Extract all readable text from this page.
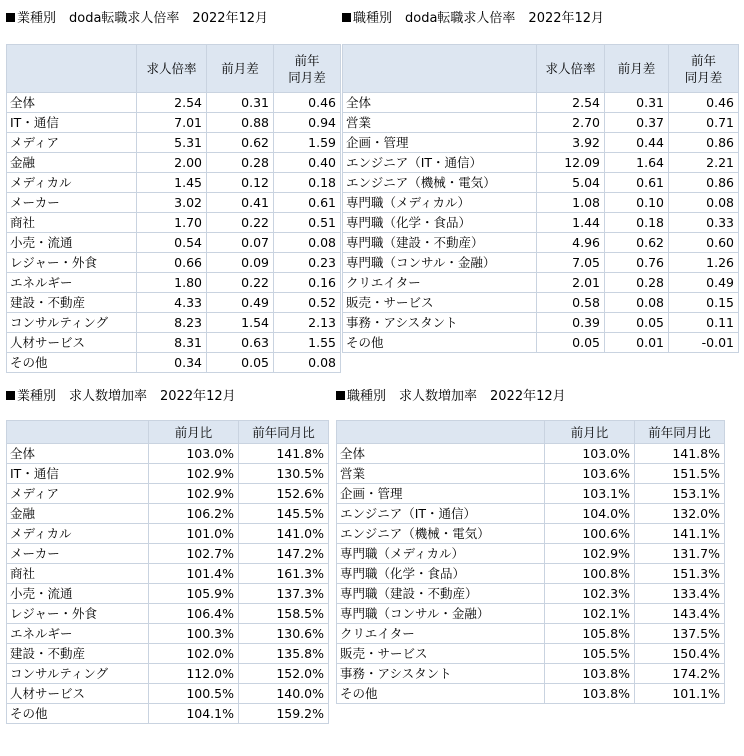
業種別　doda転職求人倍率　2022年12月
	求人倍率	前月差	前年
同月差
全体	2.54	0.31	0.46
IT・通信	7.01	0.88	0.94
メディア	5.31	0.62	1.59
金融	2.00	0.28	0.40
メディカル	1.45	0.12	0.18
メーカー	3.02	0.41	0.61
商社	1.70	0.22	0.51
小売・流通	0.54	0.07	0.08
レジャー・外食	0.66	0.09	0.23
エネルギー	1.80	0.22	0.16
建設・不動産	4.33	0.49	0.52
コンサルティング	8.23	1.54	2.13
人材サービス	8.31	0.63	1.55
その他	0.34	0.05	0.08
職種別　doda転職求人倍率　2022年12月
	求人倍率	前月差	前年
同月差
全体	2.54	0.31	0.46
営業	2.70	0.37	0.71
企画・管理	3.92	0.44	0.86
エンジニア（IT・通信）	12.09	1.64	2.21
エンジニア（機械・電気）	5.04	0.61	0.86
専門職（メディカル）	1.08	0.10	0.08
専門職（化学・食品）	1.44	0.18	0.33
専門職（建設・不動産）	4.96	0.62	0.60
専門職（コンサル・金融）	7.05	0.76	1.26
クリエイター	2.01	0.28	0.49
販売・サービス	0.58	0.08	0.15
事務・アシスタント	0.39	0.05	0.11
その他	0.05	0.01	-0.01
業種別　求人数増加率　2022年12月
	前月比	前年同月比
全体	103.0%	141.8%
IT・通信	102.9%	130.5%
メディア	102.9%	152.6%
金融	106.2%	145.5%
メディカル	101.0%	141.0%
メーカー	102.7%	147.2%
商社	101.4%	161.3%
小売・流通	105.9%	137.3%
レジャー・外食	106.4%	158.5%
エネルギー	100.3%	130.6%
建設・不動産	102.0%	135.8%
コンサルティング	112.0%	152.0%
人材サービス	100.5%	140.0%
その他	104.1%	159.2%
職種別　求人数増加率　2022年12月
	前月比	前年同月比
全体	103.0%	141.8%
営業	103.6%	151.5%
企画・管理	103.1%	153.1%
エンジニア（IT・通信）	104.0%	132.0%
エンジニア（機械・電気）	100.6%	141.1%
専門職（メディカル）	102.9%	131.7%
専門職（化学・食品）	100.8%	151.3%
専門職（建設・不動産）	102.3%	133.4%
専門職（コンサル・金融）	102.1%	143.4%
クリエイター	105.8%	137.5%
販売・サービス	105.5%	150.4%
事務・アシスタント	103.8%	174.2%
その他	103.8%	101.1%
